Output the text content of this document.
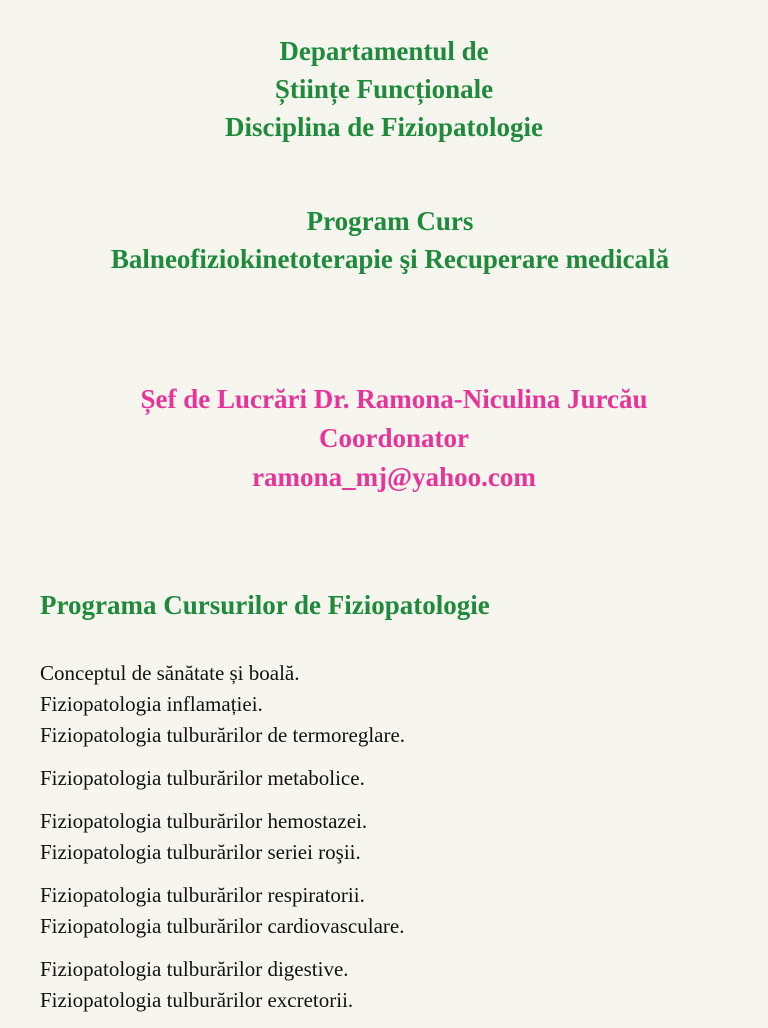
Departamentul de
Științe Funcționale
Disciplina de Fiziopatologie
Program Curs
Balneofiziokinetoterapie şi Recuperare medicală
Șef de Lucrări Dr. Ramona-Niculina Jurcău
Coordonator
ramona_mj@yahoo.com
Programa Cursurilor de Fiziopatologie
Conceptul de sănătate și boală.
Fiziopatologia inflamației.
Fiziopatologia tulburărilor de termoreglare.
Fiziopatologia tulburărilor metabolice.
Fiziopatologia tulburărilor hemostazei.
Fiziopatologia tulburărilor seriei roşii.
Fiziopatologia tulburărilor respiratorii.
Fiziopatologia tulburărilor cardiovasculare.
Fiziopatologia tulburărilor digestive.
Fiziopatologia tulburărilor excretorii.
